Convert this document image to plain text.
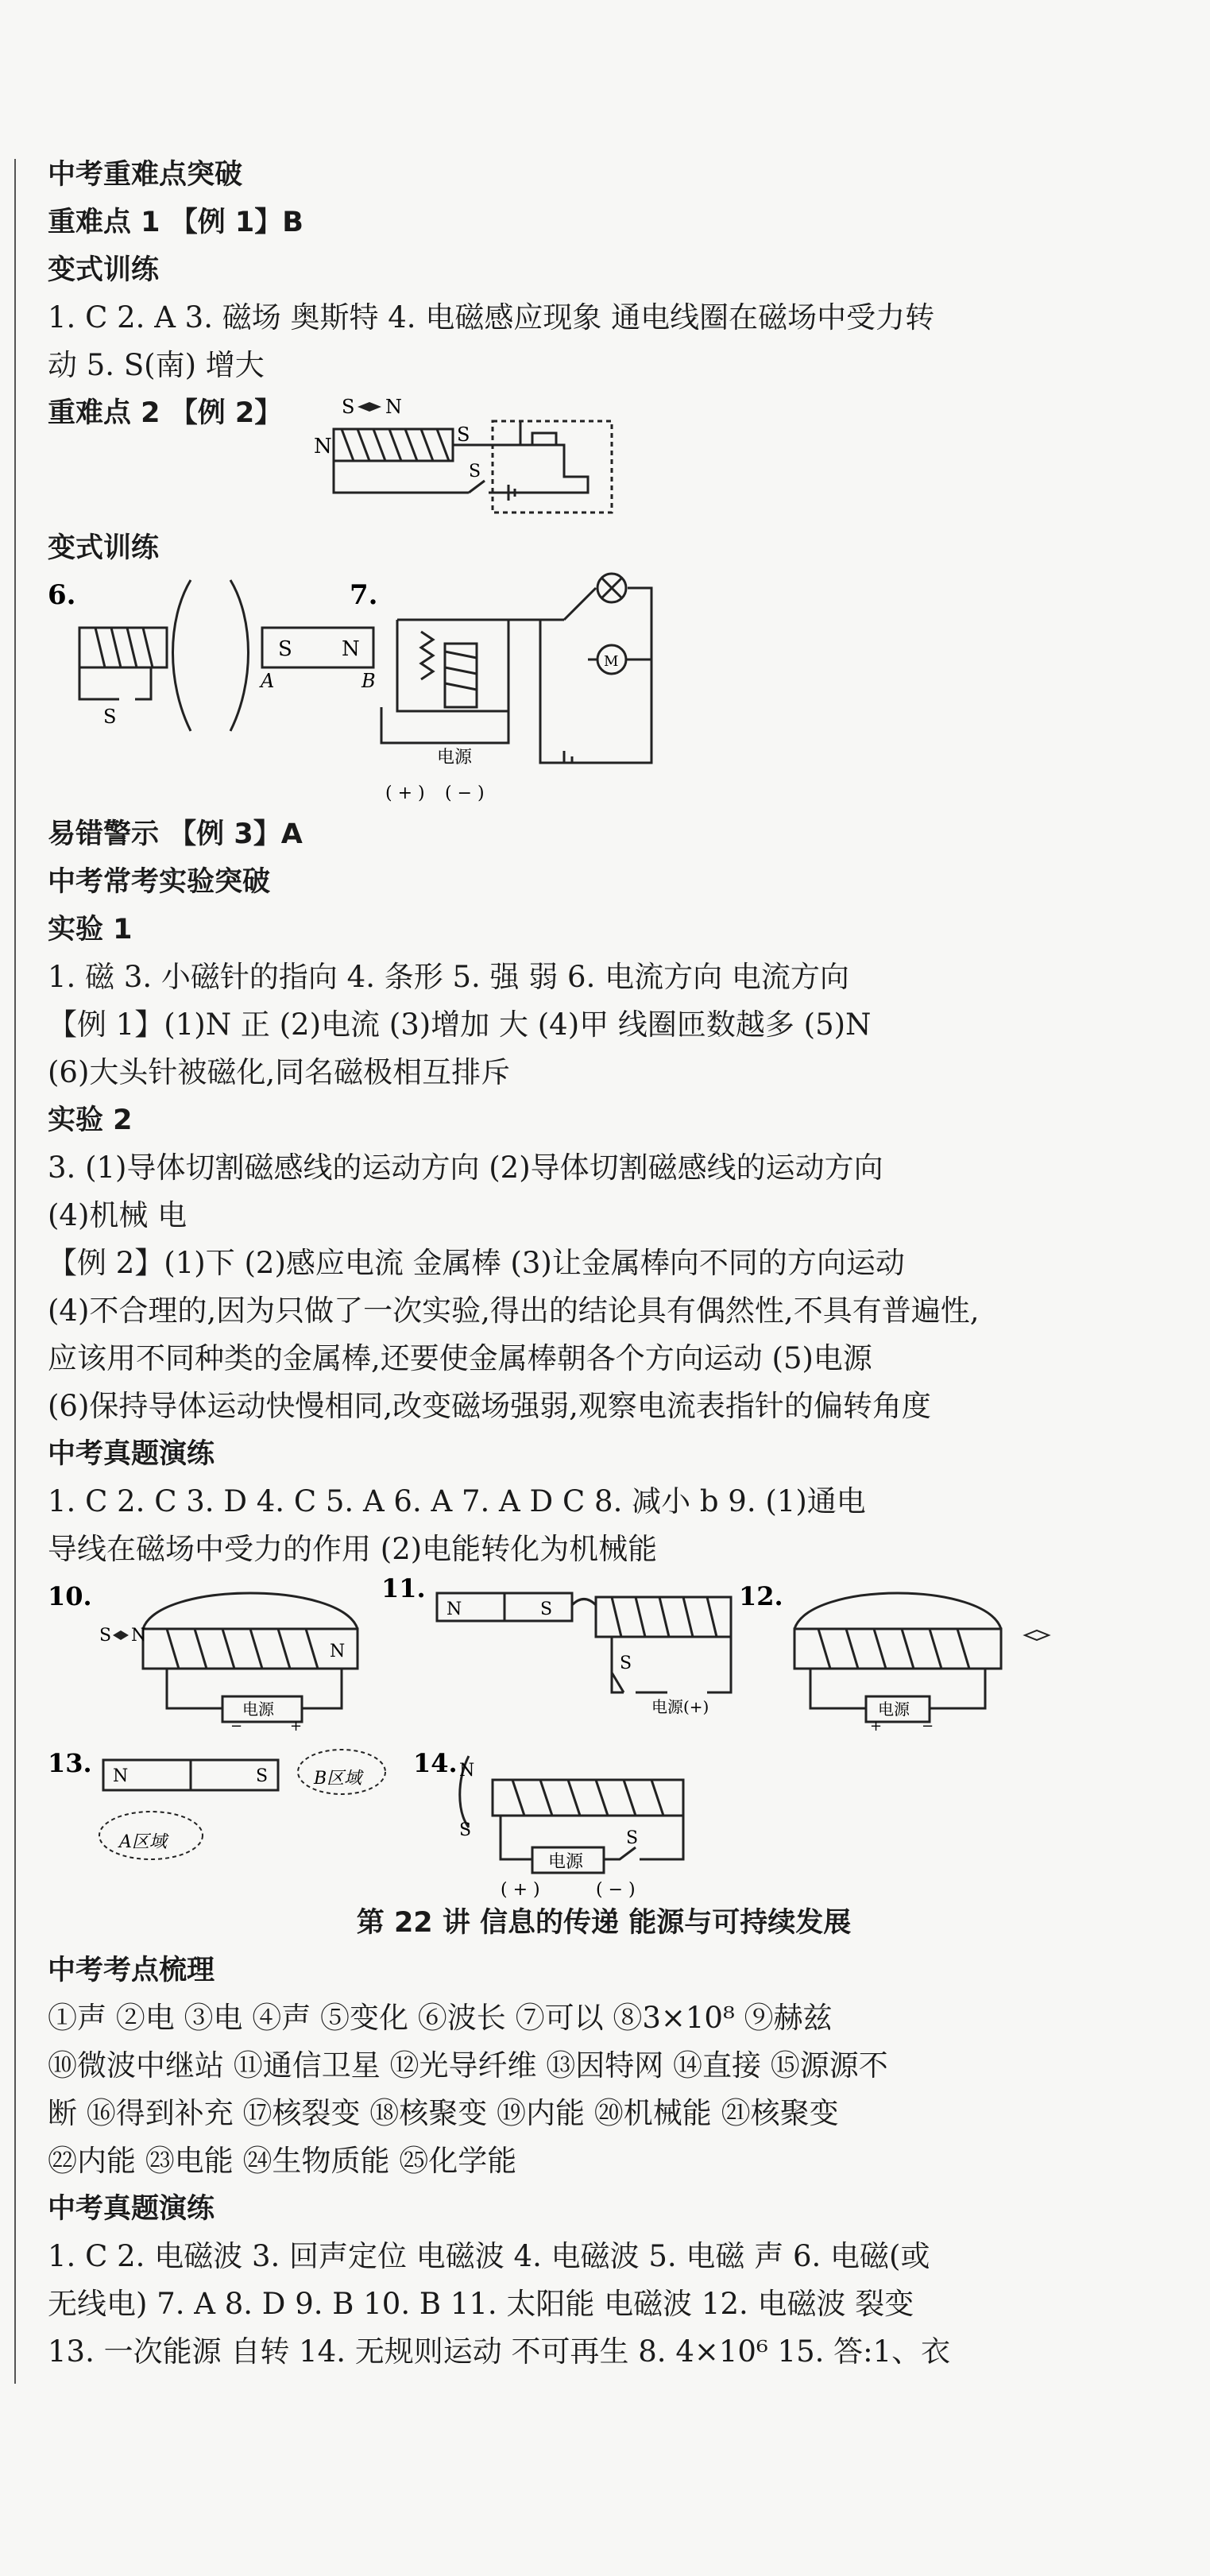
中考重难点突破
重难点 1 【例 1】B
变式训练
1. C 2. A 3. 磁场 奥斯特 4. 电磁感应现象 通电线圈在磁场中受力转
动 5. S(南) 增大
重难点 2 【例 2】	S N
N	S
S
变式训练
6.
S N
A	B
S
7.
M
电源
( + ) ( − )
易错警示 【例 3】A
中考常考实验突破
实验 1
1. 磁 3. 小磁针的指向 4. 条形 5. 强 弱 6. 电流方向 电流方向
【例 1】(1)N 正 (2)电流 (3)增加 大 (4)甲 线圈匝数越多 (5)N
(6)大头针被磁化,同名磁极相互排斥
实验 2
3. (1)导体切割磁感线的运动方向 (2)导体切割磁感线的运动方向
(4)机械 电
【例 2】(1)下 (2)感应电流 金属棒 (3)让金属棒向不同的方向运动
(4)不合理的,因为只做了一次实验,得出的结论具有偶然性,不具有普遍性,
应该用不同种类的金属棒,还要使金属棒朝各个方向运动 (5)电源
(6)保持导体运动快慢相同,改变磁场强弱,观察电流表指针的偏转角度
中考真题演练
1. C 2. C 3. D 4. C 5. A 6. A 7. A D C 8. 减小 b 9. (1)通电
导线在磁场中受力的作用 (2)电能转化为机械能
10.
S N
N
电源
−	+
11.
N	S
S
电源(+)
12.
电源
+	−
13. N	S	B区域
A区域
14. N
S	S
电源
( + )	( − )
第 22 讲 信息的传递 能源与可持续发展
中考考点梳理
①声 ②电 ③电 ④声 ⑤变化 ⑥波长 ⑦可以 ⑧3×10⁸ ⑨赫兹
⑩微波中继站 ⑪通信卫星 ⑫光导纤维 ⑬因特网 ⑭直接 ⑮源源不
断 ⑯得到补充 ⑰核裂变 ⑱核聚变 ⑲内能 ⑳机械能 ㉑核聚变
㉒内能 ㉓电能 ㉔生物质能 ㉕化学能
中考真题演练
1. C 2. 电磁波 3. 回声定位 电磁波 4. 电磁波 5. 电磁 声 6. 电磁(或
无线电) 7. A 8. D 9. B 10. B 11. 太阳能 电磁波 12. 电磁波 裂变
13. 一次能源 自转 14. 无规则运动 不可再生 8. 4×10⁶ 15. 答:1、衣
